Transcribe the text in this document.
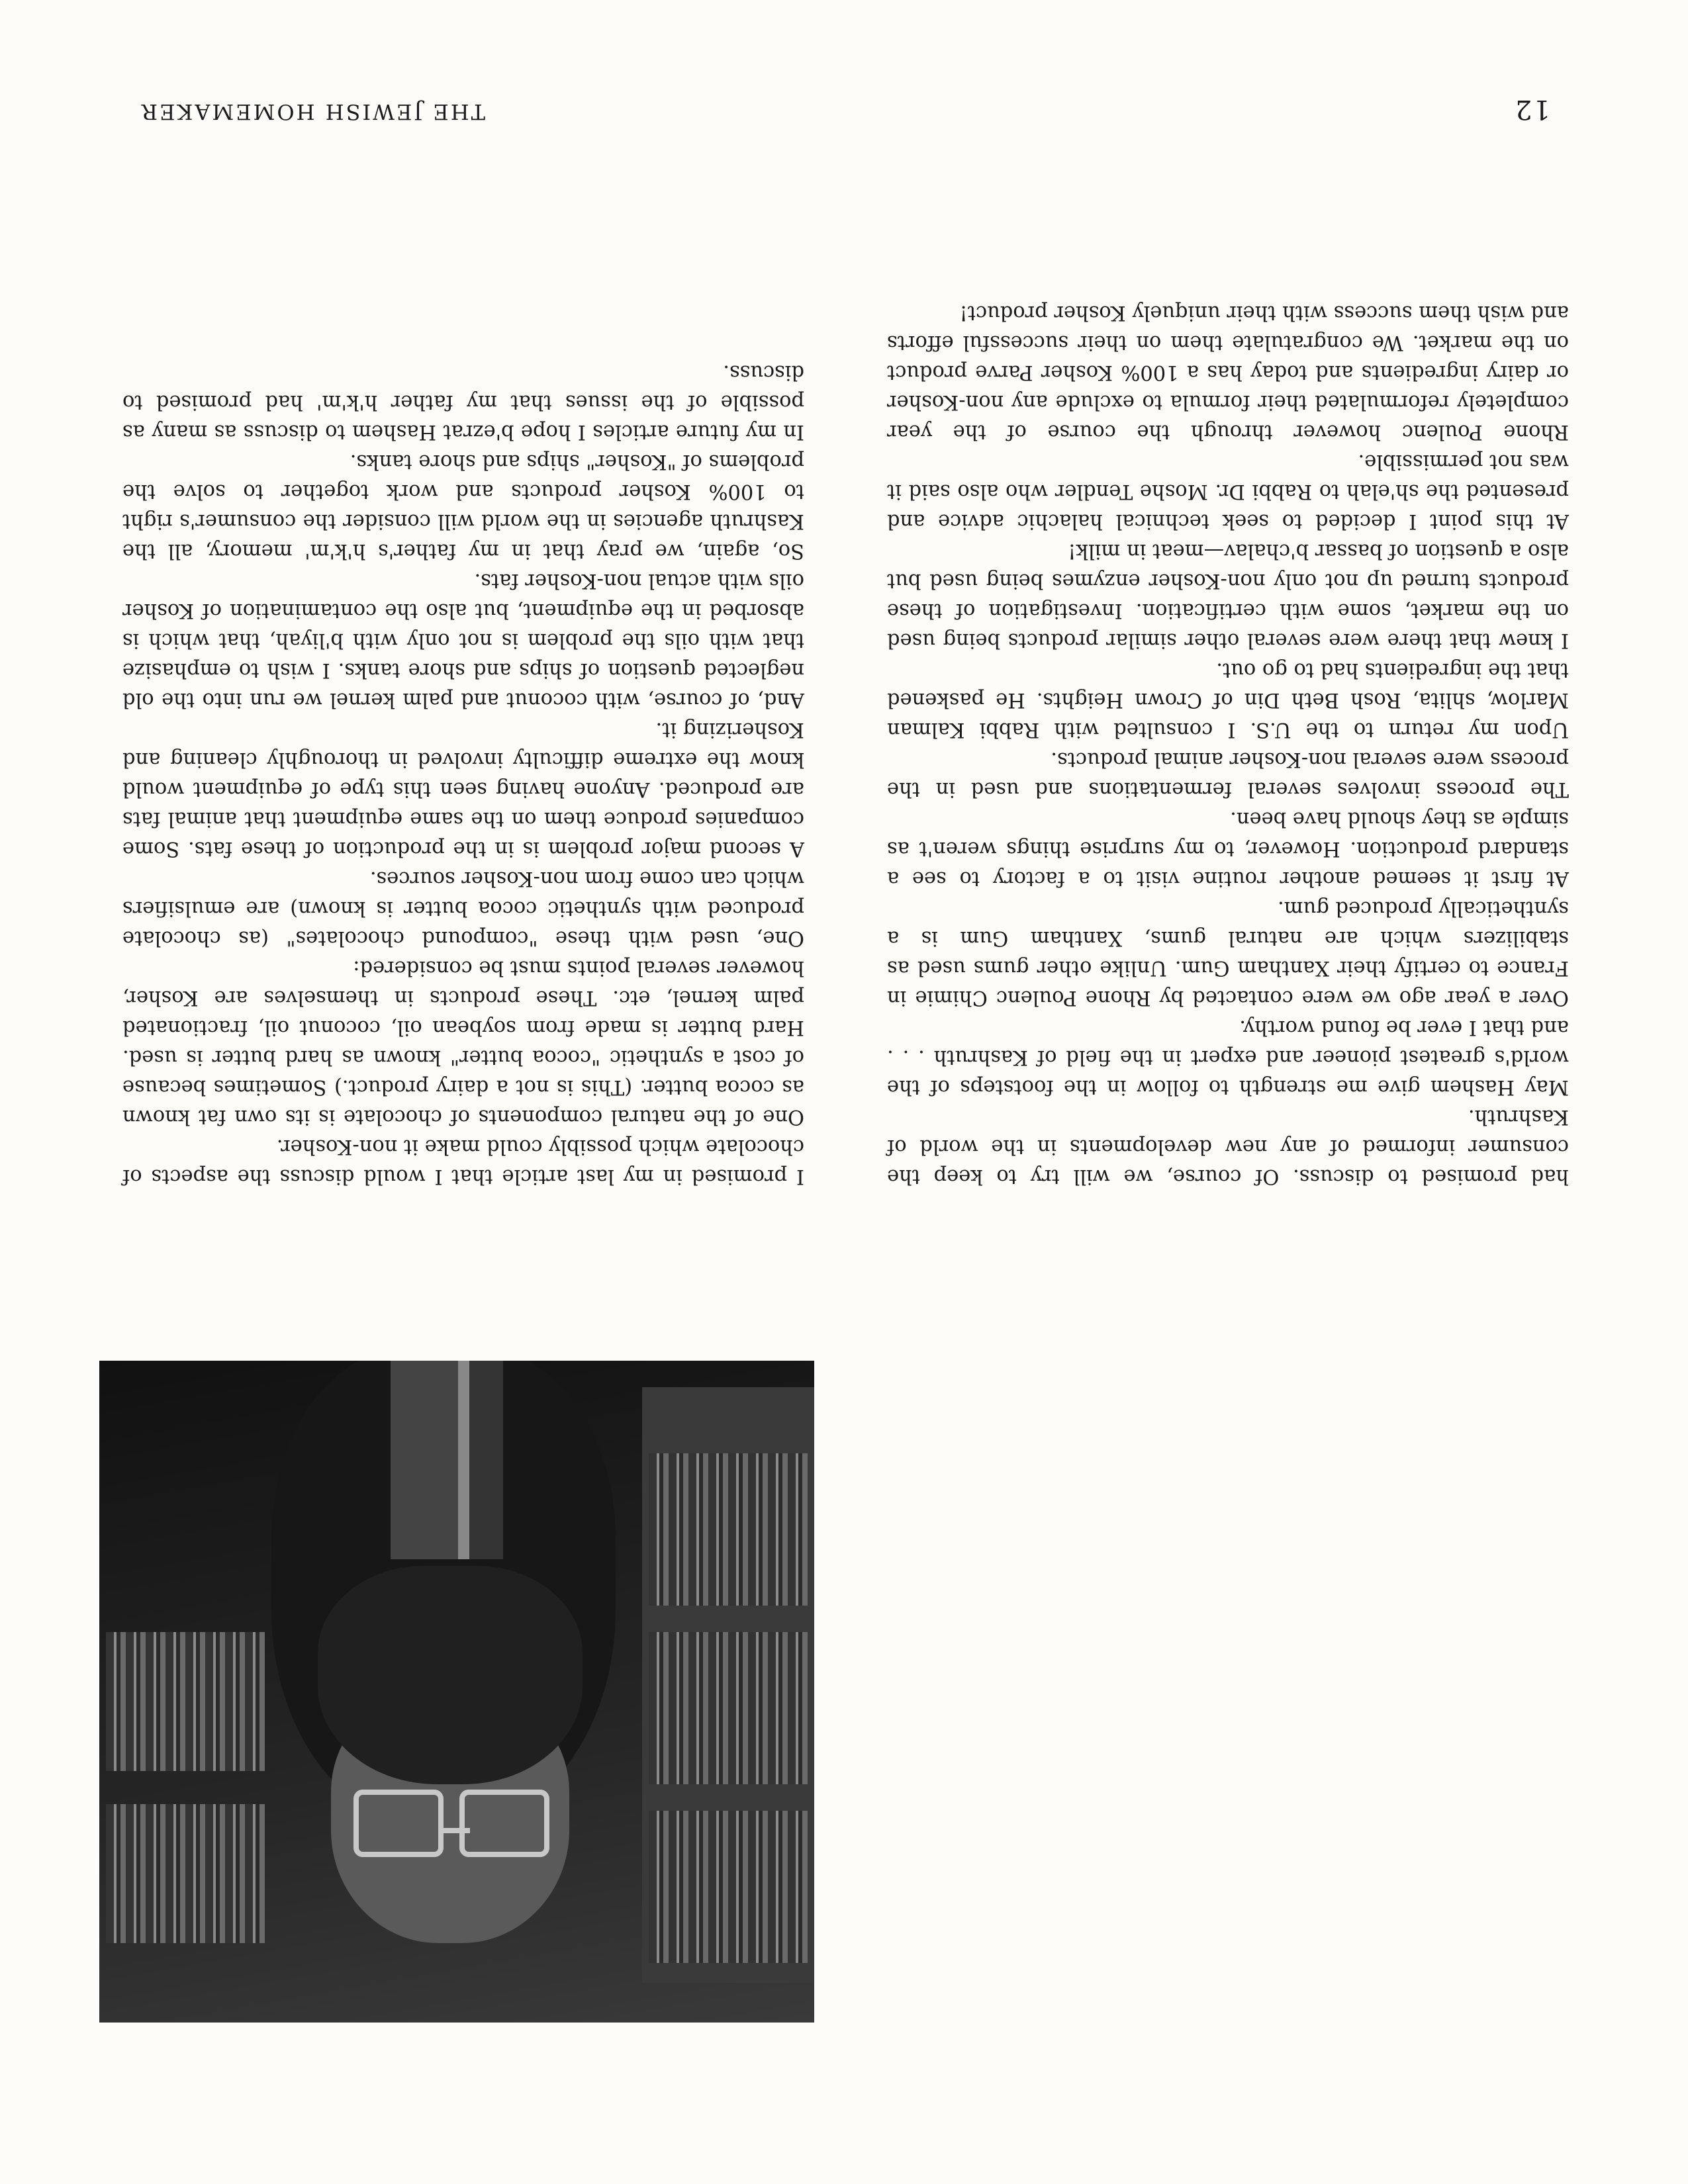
had promised to discuss. Of course, we will try to keep the consumer informed of any new developments in the world of Kashruth.

May Hashem give me strength to follow in the footsteps of the world's greatest pioneer and expert in the field of Kashruth . . . and that I ever be found worthy.

Over a year ago we were contacted by Rhone Poulenc Chimie in France to certify their Xantham Gum. Unlike other gums used as stabilizers which are natural gums, Xantham Gum is a synthetically produced gum.

At first it seemed another routine visit to a factory to see a standard production. However, to my surprise things weren't as simple as they should have been.

The process involves several fermentations and used in the process were several non-Kosher animal products.

Upon my return to the U.S. I consulted with Rabbi Kalman Marlow, shlita, Rosh Beth Din of Crown Heights. He paskened that the ingredients had to go out.

I knew that there were several other similar products being used on the market, some with certification. Investigation of these products turned up not only non-Kosher enzymes being used but also a question of bassar b'chalav—meat in milk!

At this point I decided to seek technical halachic advice and presented the sh'elah to Rabbi Dr. Moshe Tendler who also said it was not permissible.

Rhone Poulenc however through the course of the year completely reformulated their formula to exclude any non-Kosher or dairy ingredients and today has a 100% Kosher Parve product on the market. We congratulate them on their successful efforts and wish them success with their uniquely Kosher product!

I promised in my last article that I would discuss the aspects of chocolate which possibly could make it non-Kosher.

One of the natural components of chocolate is its own fat known as cocoa butter. (This is not a dairy product.) Sometimes because of cost a synthetic "cocoa butter" known as hard butter is used. Hard butter is made from soybean oil, coconut oil, fractionated palm kernel, etc. These products in themselves are Kosher, however several points must be considered:

One, used with these "compound chocolates" (as chocolate produced with synthetic cocoa butter is known) are emulsifiers which can come from non-Kosher sources.

A second major problem is in the production of these fats. Some companies produce them on the same equipment that animal fats are produced. Anyone having seen this type of equipment would know the extreme difficulty involved in thoroughly cleaning and Kosherizing it.

And, of course, with coconut and palm kernel we run into the old neglected question of ships and shore tanks. I wish to emphasize that with oils the problem is not only with b'liyah, that which is absorbed in the equipment, but also the contamination of Kosher oils with actual non-Kosher fats.

So, again, we pray that in my father's h'k'm' memory, all the Kashruth agencies in the world will consider the consumer's right to 100% Kosher products and work together to solve the problems of "Kosher" ships and shore tanks.

In my future articles I hope b'ezrat Hashem to discuss as many as possible of the issues that my father h'k'm' had promised to discuss.

12
THE JEWISH HOMEMAKER
